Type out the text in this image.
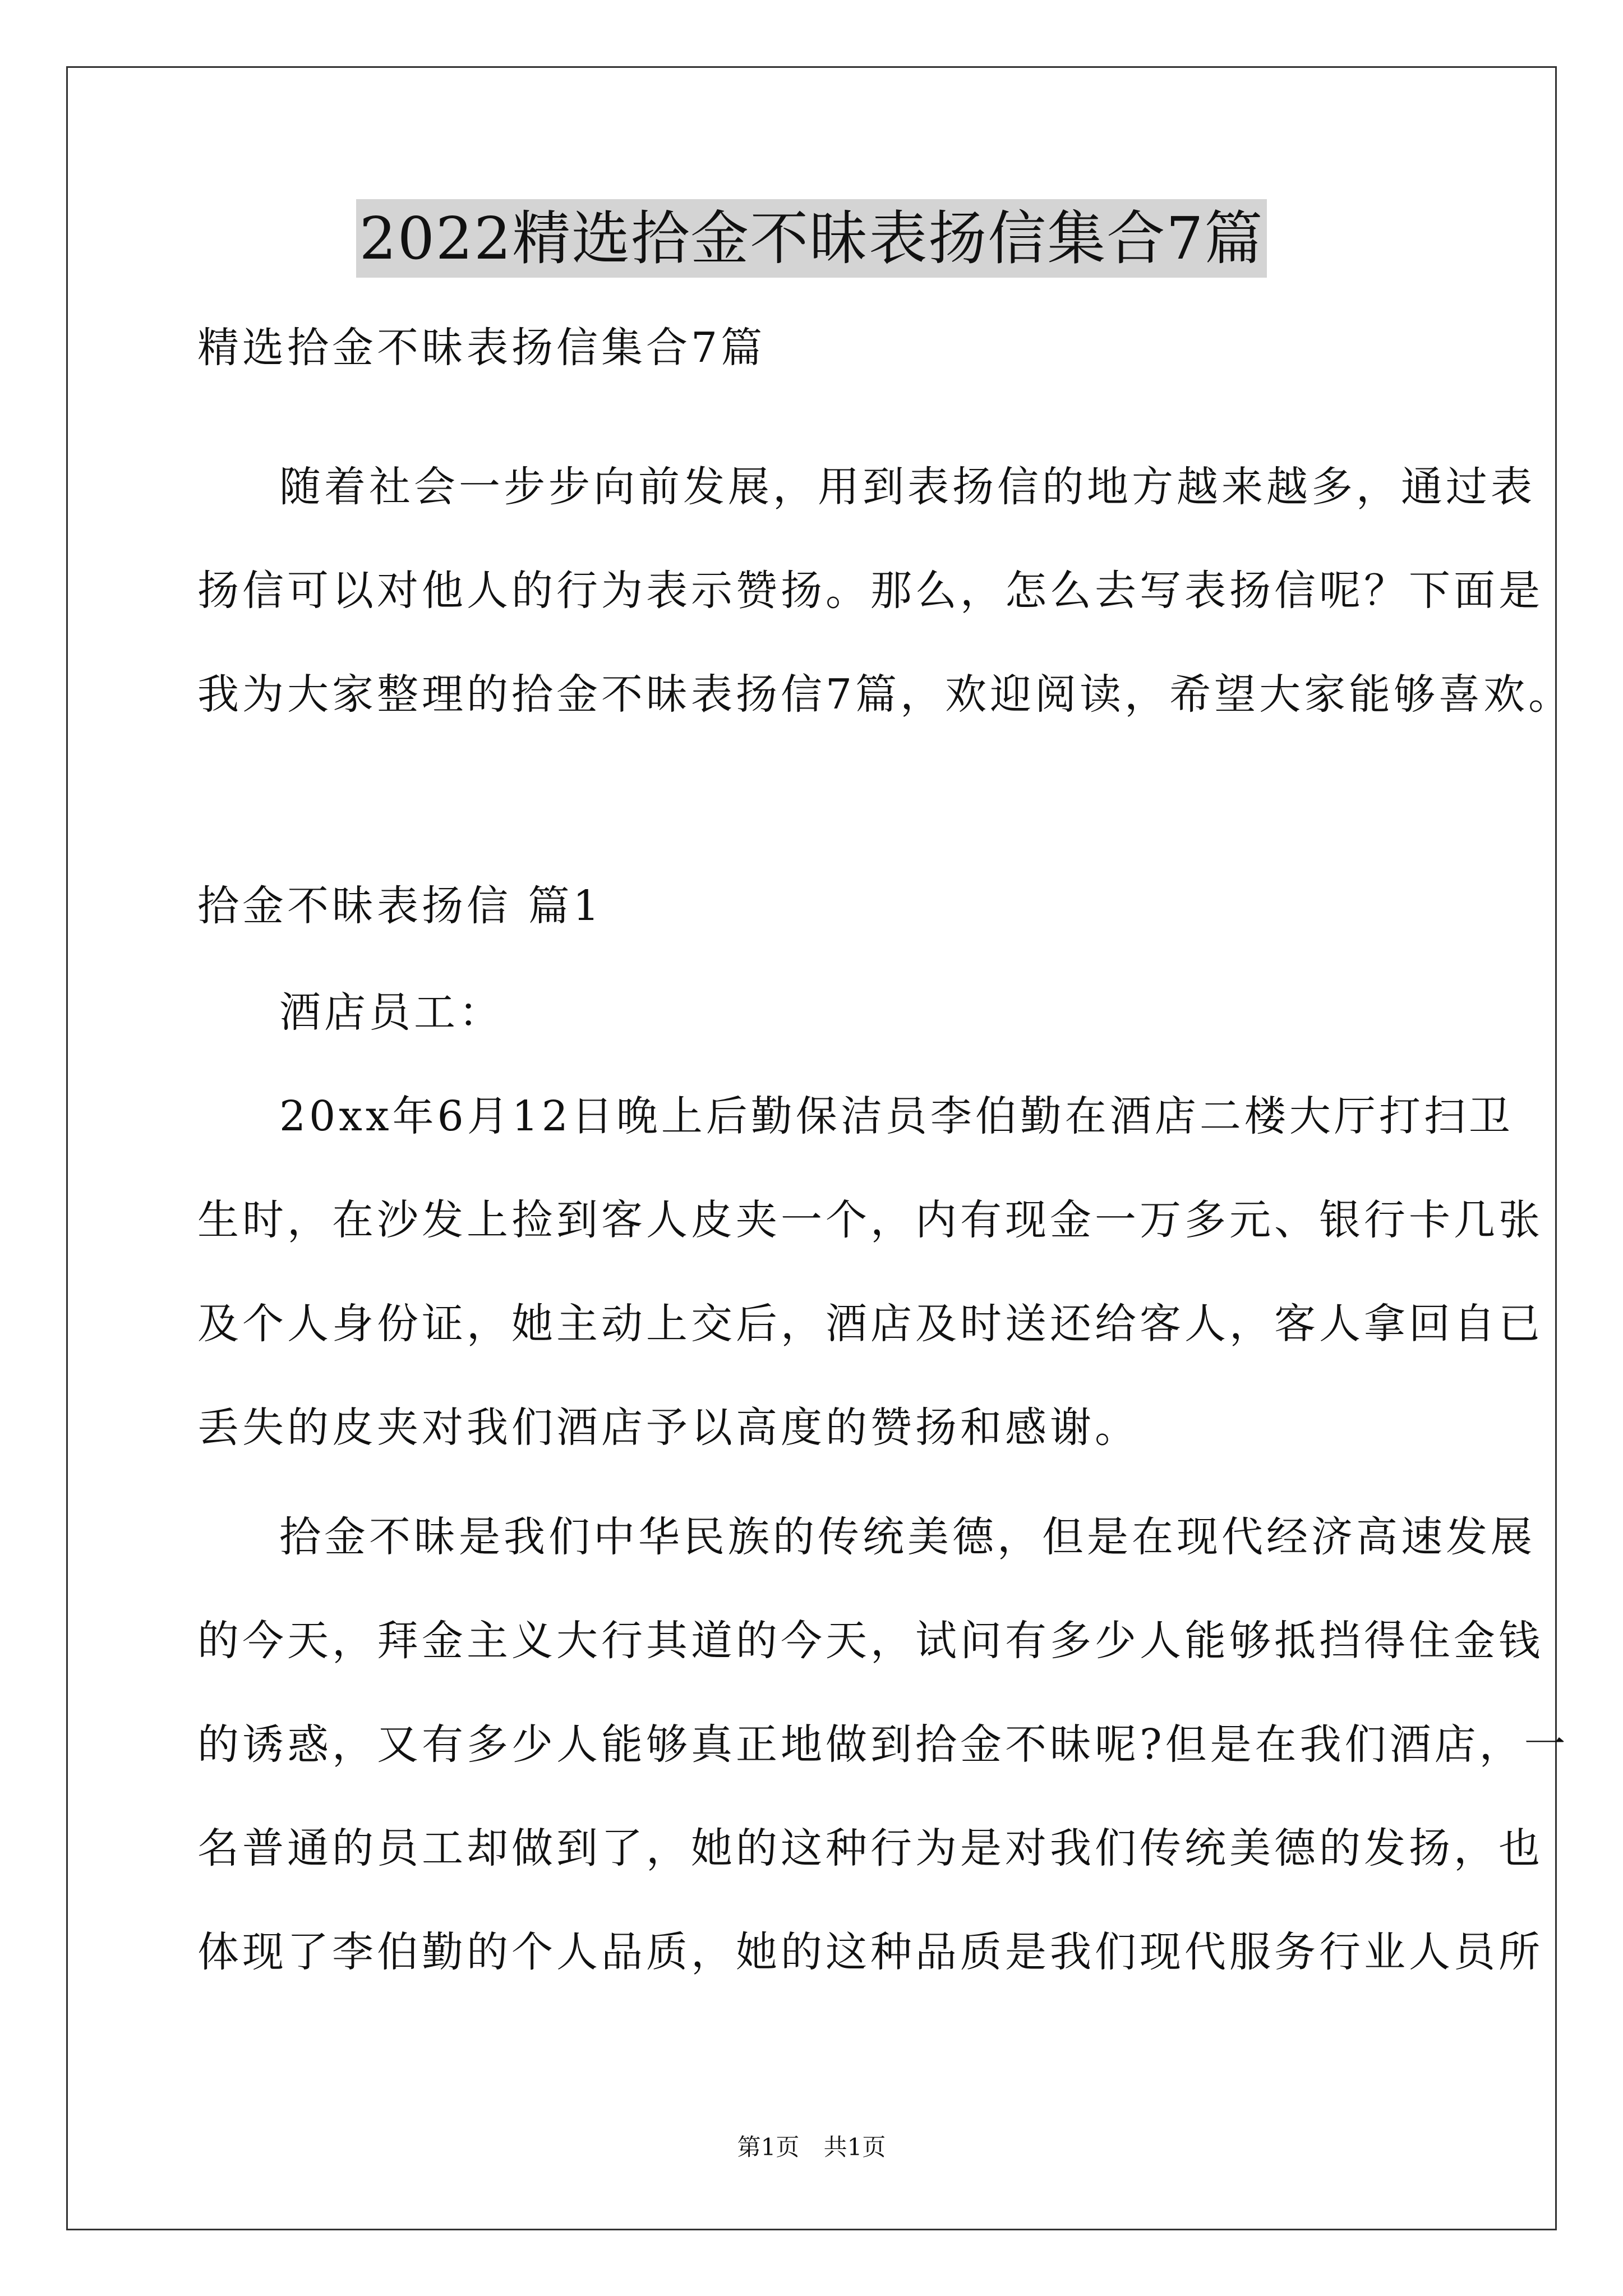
2022精选拾金不昧表扬信集合7篇
精选拾金不昧表扬信集合7篇
随着社会一步步向前发展，用到表扬信的地方越来越多，通过表
扬信可以对他人的行为表示赞扬。那么，怎么去写表扬信呢？下面是
我为大家整理的拾金不昧表扬信7篇，欢迎阅读，希望大家能够喜欢。
拾金不昧表扬信 篇1
酒店员工：
20xx年6月12日晚上后勤保洁员李伯勤在酒店二楼大厅打扫卫
生时，在沙发上捡到客人皮夹一个，内有现金一万多元、银行卡几张
及个人身份证，她主动上交后，酒店及时送还给客人，客人拿回自已
丢失的皮夹对我们酒店予以高度的赞扬和感谢。
拾金不昧是我们中华民族的传统美德，但是在现代经济高速发展
的今天，拜金主义大行其道的今天，试问有多少人能够抵挡得住金钱
的诱惑，又有多少人能够真正地做到拾金不昧呢?但是在我们酒店，一
名普通的员工却做到了，她的这种行为是对我们传统美德的发扬，也
体现了李伯勤的个人品质，她的这种品质是我们现代服务行业人员所
第1页 共1页
